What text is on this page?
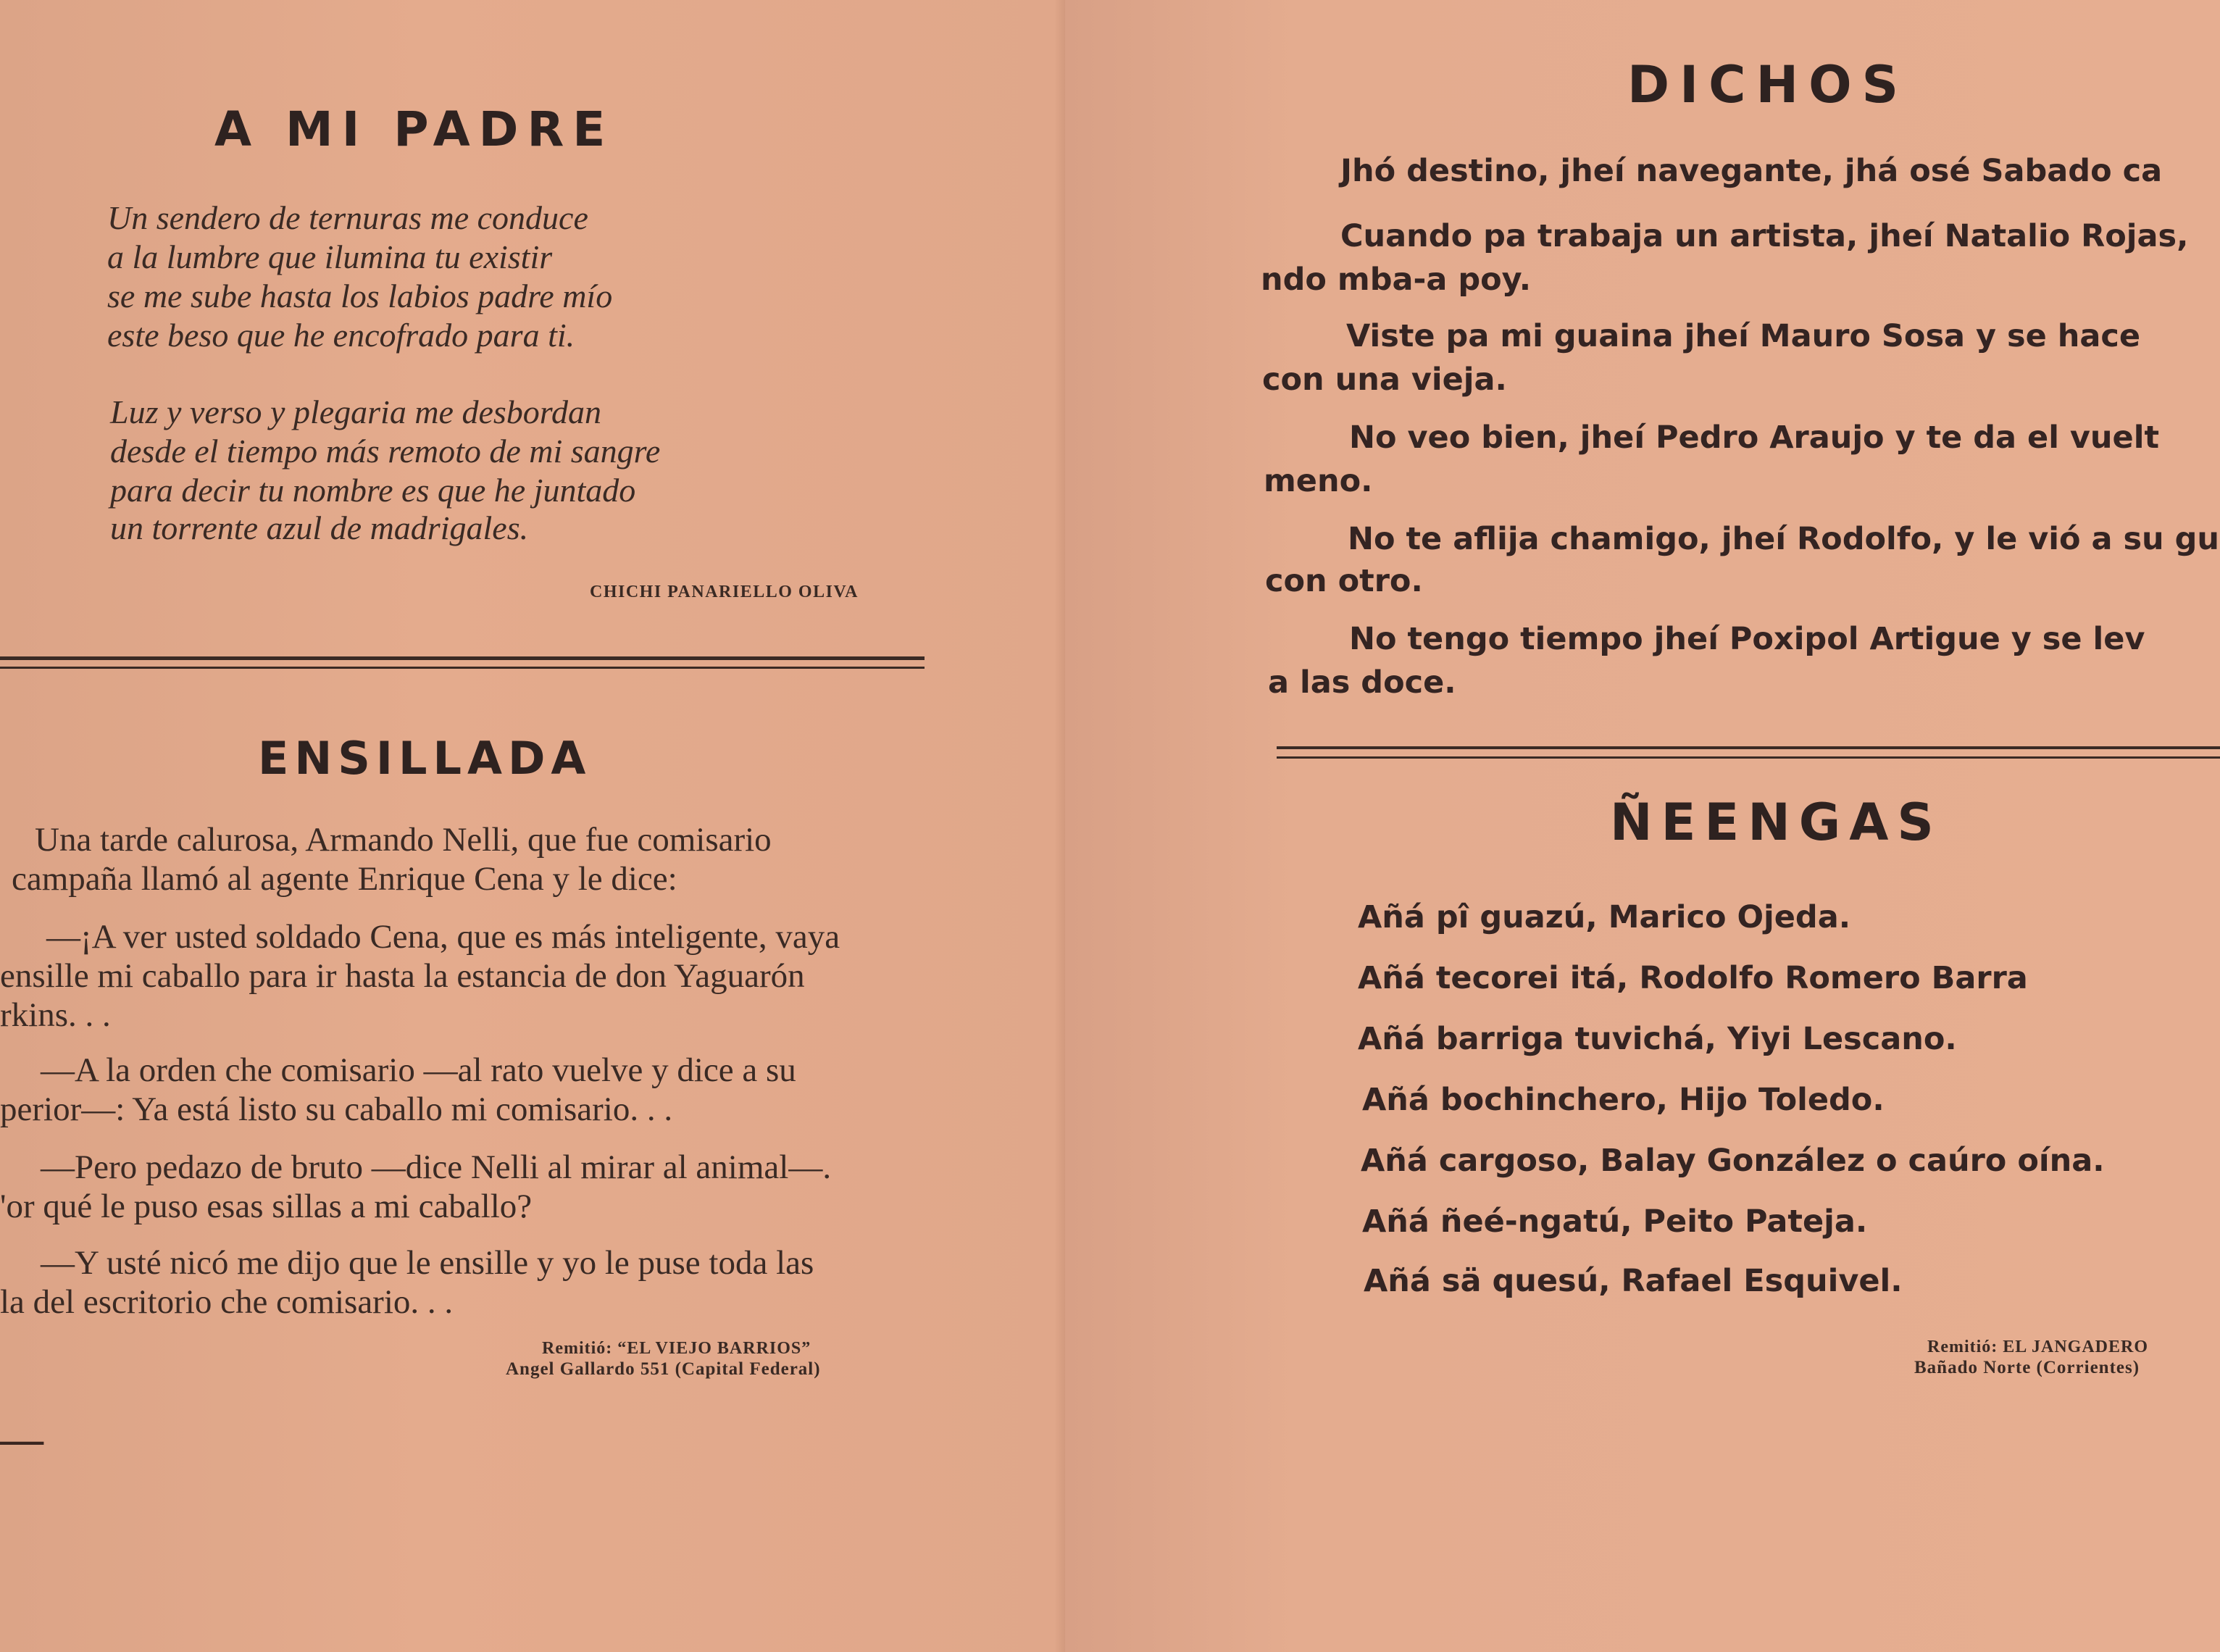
A MI PADRE
Un sendero de ternuras me conduce
a la lumbre que ilumina tu existir
se me sube hasta los labios padre mío
este beso que he encofrado para ti.
Luz y verso y plegaria me desbordan
desde el tiempo más remoto de mi sangre
para decir tu nombre es que he juntado
un torrente azul de madrigales.
CHICHI PANARIELLO OLIVA
ENSILLADA
Una tarde calurosa, Armando Nelli, que fue comisario
campaña llamó al agente Enrique Cena y le dice:
—¡A ver usted soldado Cena, que es más inteligente, vaya
ensille mi caballo para ir hasta la estancia de don Yaguarón
rkins. . .
—A la orden che comisario —al rato vuelve y dice a su
perior—: Ya está listo su caballo mi comisario. . .
—Pero pedazo de bruto —dice Nelli al mirar al animal—.
'or qué le puso esas sillas a mi caballo?
—Y usté nicó me dijo que le ensille y yo le puse toda las
la del escritorio che comisario. . .
Remitió: “EL VIEJO BARRIOS”
Angel Gallardo 551 (Capital Federal)
—
DICHOS
Jhó destino, jheí navegante, jhá osé Sabado ca
Cuando pa trabaja un artista, jheí Natalio Rojas,
ndo mba-a poy.
Viste pa mi guaina jheí Mauro Sosa y se hace
con una vieja.
No veo bien, jheí Pedro Araujo y te da el vuelt
meno.
No te aflija chamigo, jheí Rodolfo, y le vió a su gu
con otro.
No tengo tiempo jheí Poxipol Artigue y se lev
a las doce.
ÑEENGAS
Añá pî guazú, Marico Ojeda.
Añá tecorei itá, Rodolfo Romero Barra
Añá barriga tuvichá, Yiyi Lescano.
Añá bochinchero, Hijo Toledo.
Añá cargoso, Balay González o caúro oína.
Añá ñeé-ngatú, Peito Pateja.
Añá sä quesú, Rafael Esquivel.
Remitió: EL JANGADERO
Bañado Norte (Corrientes)
